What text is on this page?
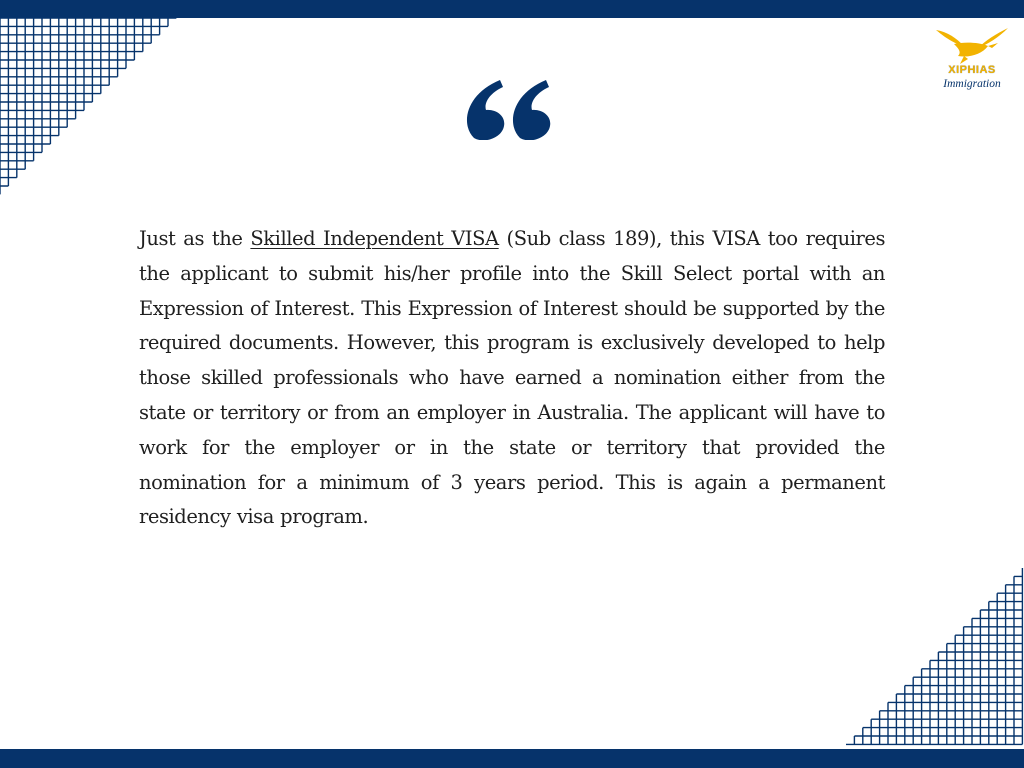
XIPHIAS
Immigration

Just as the Skilled Independent VISA (Sub class 189), this VISA too requires the applicant to submit his/her profile into the Skill Select portal with an Expression of Interest. This Expression of Interest should be supported by the required documents. However, this program is exclusively developed to help those skilled professionals who have earned a nomination either from the state or territory or from an employer in Australia. The applicant will have to work for the employer or in the state or territory that provided the nomination for a minimum of 3 years period. This is again a permanent residency visa program.
